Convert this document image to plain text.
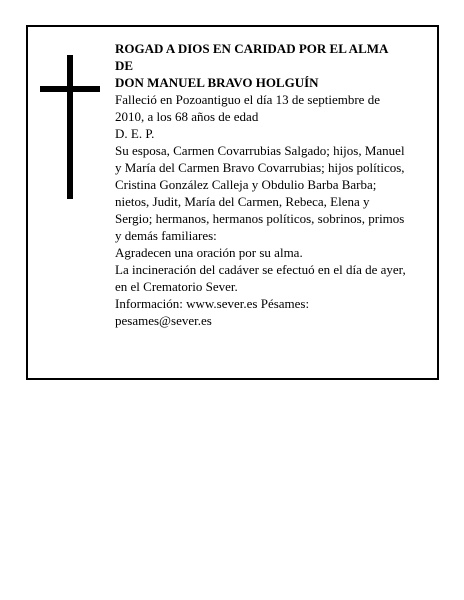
ROGAD A DIOS EN CARIDAD POR EL ALMA
DE

DON MANUEL BRAVO HOLGUÍN

Falleció en Pozoantiguo el día 13 de septiembre de
2010, a los 68 años de edad

D. E. P.

Su esposa, Carmen Covarrubias Salgado; hijos, Manuel
y María del Carmen Bravo Covarrubias; hijos políticos,
Cristina González Calleja y Obdulio Barba Barba;
nietos, Judit, María del Carmen, Rebeca, Elena y
Sergio; hermanos, hermanos políticos, sobrinos, primos
y demás familiares:

Agradecen una oración por su alma.

La incineración del cadáver se efectuó en el día de ayer,
en el Crematorio Sever.

Información: www.sever.es Pésames:
pesames@sever.es
